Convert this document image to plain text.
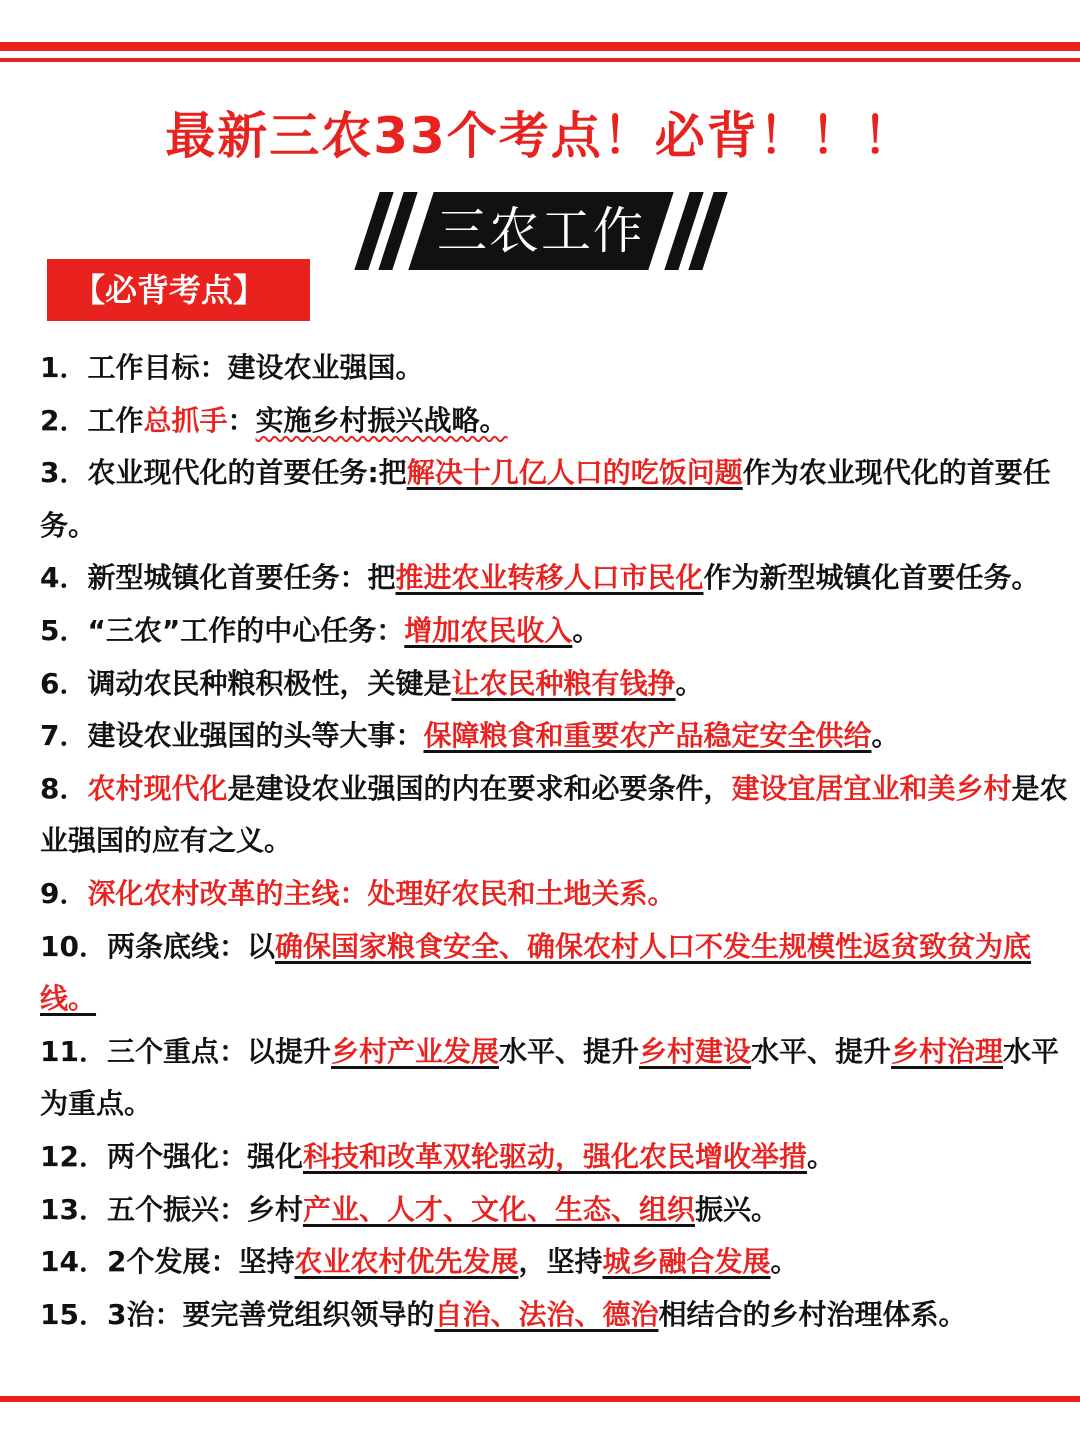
最新三农33个考点！必背！！！
三农工作
【必背考点】
1．工作目标：建设农业强国。
2．工作总抓手：实施乡村振兴战略。
3．农业现代化的首要任务:把解决十几亿人口的吃饭问题作为农业现代化的首要任务。
4．新型城镇化首要任务：把推进农业转移人口市民化作为新型城镇化首要任务。
5．“三农”工作的中心任务：增加农民收入。
6．调动农民种粮积极性，关键是让农民种粮有钱挣。
7．建设农业强国的头等大事：保障粮食和重要农产品稳定安全供给。
8．农村现代化是建设农业强国的内在要求和必要条件，建设宜居宜业和美乡村是农业强国的应有之义。
9．深化农村改革的主线：处理好农民和土地关系。
10．两条底线：以确保国家粮食安全、确保农村人口不发生规模性返贫致贫为底线。
11．三个重点：以提升乡村产业发展水平、提升乡村建设水平、提升乡村治理水平为重点。
12．两个强化：强化科技和改革双轮驱动，强化农民增收举措。
13．五个振兴：乡村产业、人才、文化、生态、组织振兴。
14．2个发展：坚持农业农村优先发展，坚持城乡融合发展。
15．3治：要完善党组织领导的自治、法治、德治相结合的乡村治理体系。
